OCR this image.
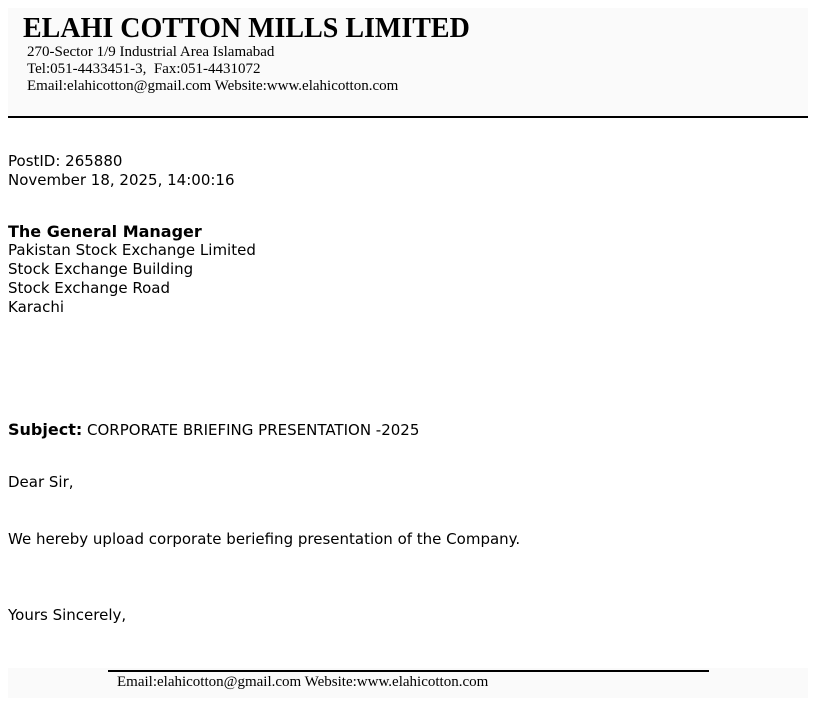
ELAHI COTTON MILLS LIMITED
270-Sector 1/9 Industrial Area Islamabad
Tel:051-4433451-3,  Fax:051-4431072
Email:elahicotton@gmail.com Website:www.elahicotton.com
PostID: 265880
November 18, 2025, 14:00:16
The General Manager
Pakistan Stock Exchange Limited
Stock Exchange Building
Stock Exchange Road
Karachi
Subject: CORPORATE BRIEFING PRESENTATION -2025
Dear Sir,
We hereby upload corporate beriefing presentation of the Company.
Yours Sincerely,
Email:elahicotton@gmail.com Website:www.elahicotton.com
